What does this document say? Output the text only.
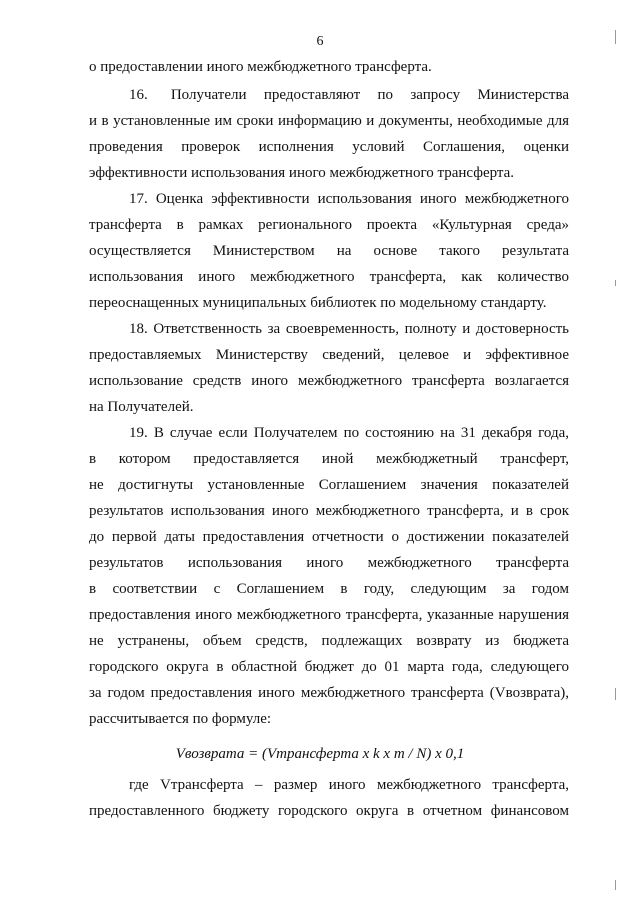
6
о предоставлении иного межбюджетного трансферта.
16.    Получатели   предоставляют   по   запросу   Министерства
и в установленные им сроки информацию и документы, необходимые для
проведения проверок исполнения условий Соглашения, оценки
эффективности использования иного межбюджетного трансферта.
17. Оценка эффективности использования иного межбюджетного
трансферта в рамках регионального проекта «Культурная среда»
осуществляется Министерством на основе такого результата
использования иного межбюджетного трансферта, как количество
переоснащенных муниципальных библиотек по модельному стандарту.
18. Ответственность за своевременность, полноту и достоверность
предоставляемых Министерству сведений, целевое и эффективное
использование средств иного межбюджетного трансферта возлагается
на Получателей.
19. В случае если Получателем по состоянию на 31 декабря года,
в котором предоставляется иной межбюджетный трансферт,
не достигнуты установленные Соглашением значения показателей
результатов использования иного межбюджетного трансферта, и в срок
до первой даты предоставления отчетности о достижении показателей
результатов использования иного межбюджетного трансферта
в соответствии с Соглашением в году, следующим за годом
предоставления иного межбюджетного трансферта, указанные нарушения
не устранены, объем средств, подлежащих возврату из бюджета
городского округа в областной бюджет до 01 марта года, следующего
за годом предоставления иного межбюджетного трансферта (Vвозврата),
рассчитывается по формуле:
где Vтрансферта – размер иного межбюджетного трансферта,
предоставленного бюджету городского округа в отчетном финансовом
Vвозврата = (Vтрансферта x k x m / N) x 0,1
